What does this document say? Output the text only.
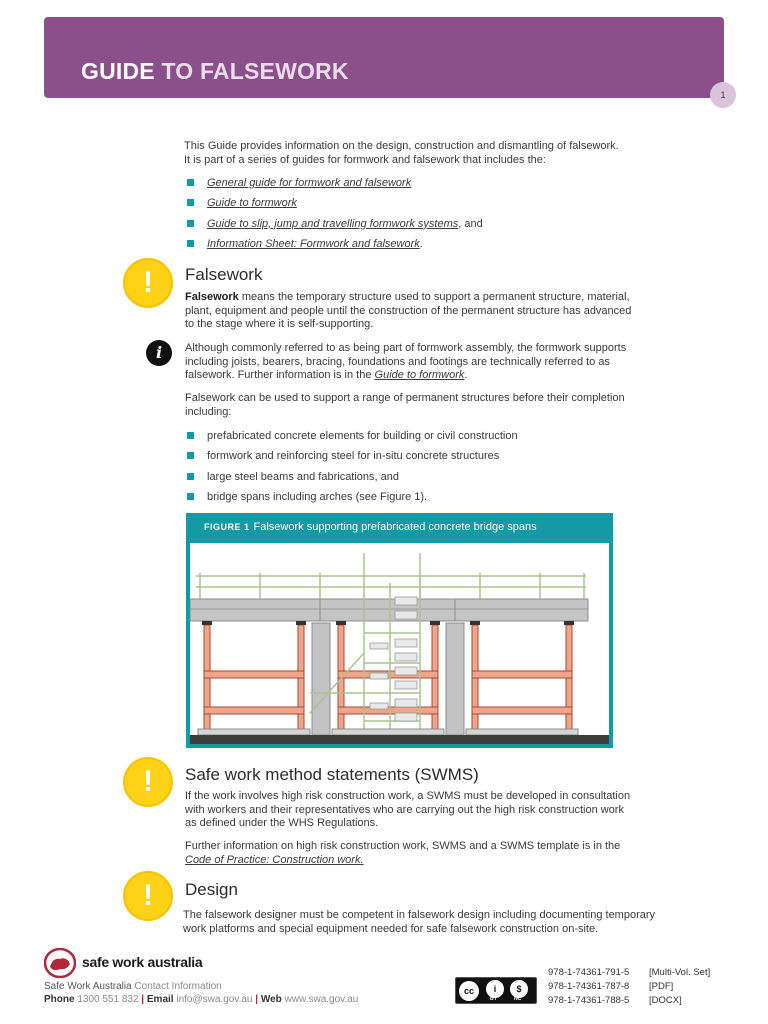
GUIDE TO FALSEWORK
1
This Guide provides information on the design, construction and dismantling of falsework.
It is part of a series of guides for formwork and falsework that includes the:
General guide for formwork and falsework
Guide to formwork
Guide to slip, jump and travelling formwork systems, and
Information Sheet: Formwork and falsework.
!	Falsework
Falsework means the temporary structure used to support a permanent structure, material,
plant, equipment and people until the construction of the permanent structure has advanced
to the stage where it is self-supporting.
i	Although commonly referred to as being part of formwork assembly, the formwork supports
including joists, bearers, bracing, foundations and footings are technically referred to as
falsework. Further information is in the Guide to formwork.
Falsework can be used to support a range of permanent structures before their completion
including:
prefabricated concrete elements for building or civil construction
formwork and reinforcing steel for in-situ concrete structures
large steel beams and fabrications, and
bridge spans including arches (see Figure 1).
FIGURE 1 Falsework supporting prefabricated concrete bridge spans
!	Safe work method statements (SWMS)
If the work involves high risk construction work, a SWMS must be developed in consultation
with workers and their representatives who are carrying out the high risk construction work
as defined under the WHS Regulations.
Further information on high risk construction work, SWMS and a SWMS template is in the
Code of Practice: Construction work.
!	Design
The falsework designer must be competent in falsework design including documenting temporary
work platforms and special equipment needed for safe falsework construction on-site.
safe work australia
Safe Work Australia Contact Information
Phone 1300 551 832 | Email info@swa.gov.au | Web www.swa.gov.au
cc	i	$
BY	NC
978-1-74361-791-5 [Multi-Vol. Set]
978-1-74361-787-8 [PDF]
978-1-74361-788-5 [DOCX]
